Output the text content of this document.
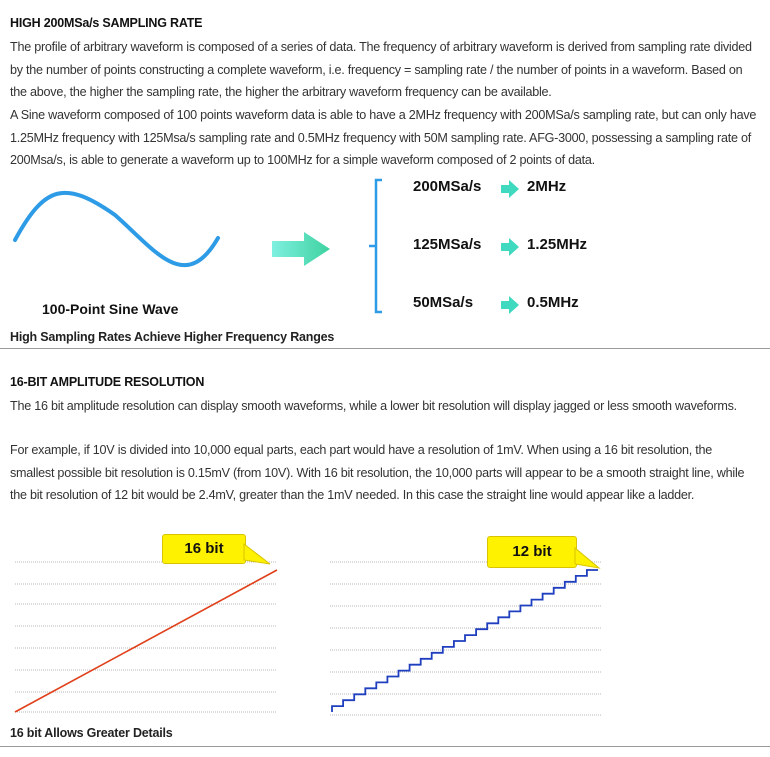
HIGH 200MSa/s SAMPLING RATE
The profile of arbitrary waveform is composed of a series of data. The frequency of arbitrary waveform is derived from sampling rate divided by the number of points constructing a complete waveform, i.e. frequency = sampling rate / the number of points in a waveform. Based on the above, the higher the sampling rate, the higher the arbitrary waveform frequency can be available.
A Sine waveform composed of 100 points waveform data is able to have a 2MHz frequency with 200MSa/s sampling rate, but can only have 1.25MHz frequency with 125Msa/s sampling rate and 0.5MHz frequency with 50M sampling rate. AFG-3000, possessing a sampling rate of 200Msa/s, is able to generate a waveform up to 100MHz for a simple waveform composed of 2 points of data.
100-Point Sine Wave
200MSa/s	2MHz
125MSa/s	1.25MHz
50MSa/s	0.5MHz
High Sampling Rates Achieve Higher Frequency Ranges
16-BIT AMPLITUDE RESOLUTION
The 16 bit amplitude resolution can display smooth waveforms, while a lower bit resolution will display jagged or less smooth waveforms.
For example, if 10V is divided into 10,000 equal parts, each part would have a resolution of 1mV. When using a 16 bit resolution, the smallest possible bit resolution is 0.15mV (from 10V). With 16 bit resolution, the 10,000 parts will appear to be a smooth straight line, while the bit resolution of 12 bit would be 2.4mV, greater than the 1mV needed. In this case the straight line would appear like a ladder.
16 bit	12 bit
16 bit Allows Greater Details
